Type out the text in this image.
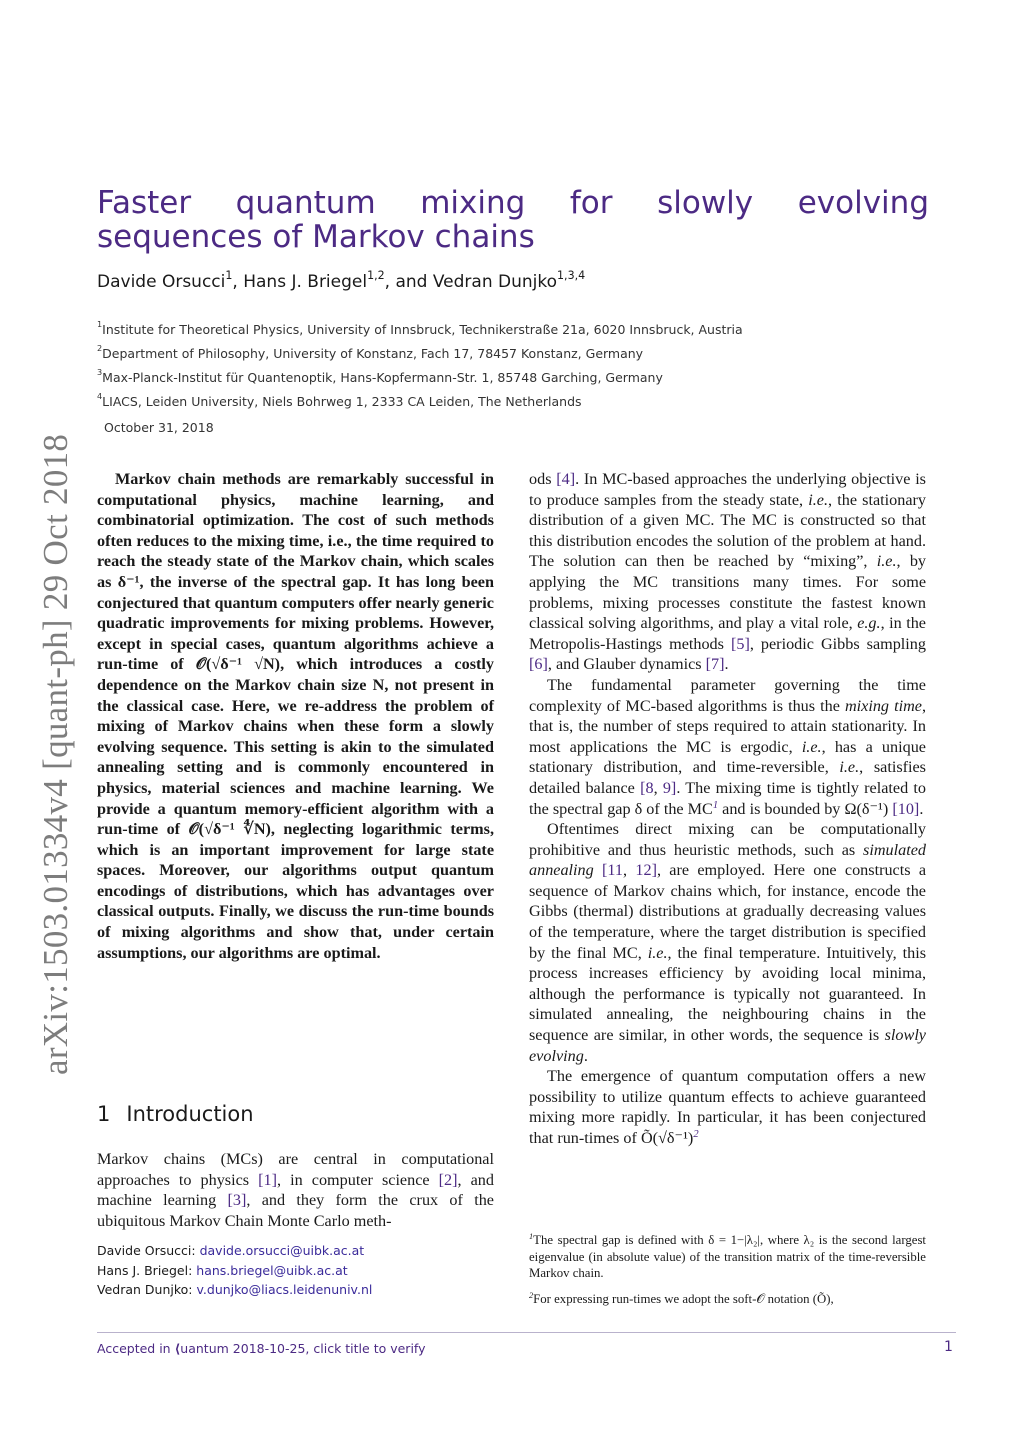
arXiv:1503.01334v4 [quant-ph] 29 Oct 2018
Faster quantum mixing for slowly evolving sequences of Markov chains
Davide Orsucci$^1$, Hans J. Briegel$^{1,2}$, and Vedran Dunjko$^{1,3,4}$
$^1$Institute for Theoretical Physics, University of Innsbruck, Technikerstraße 21a, 6020 Innsbruck, Austria
$^2$Department of Philosophy, University of Konstanz, Fach 17, 78457 Konstanz, Germany
$^3$Max-Planck-Institut für Quantenoptik, Hans-Kopfermann-Str. 1, 85748 Garching, Germany
$^4$LIACS, Leiden University, Niels Bohrweg 1, 2333 CA Leiden, The Netherlands
October 31, 2018

Markov chain methods are remarkably successful in computational physics, machine learning, and combinatorial optimization. The cost of such methods often reduces to the mixing time, i.e., the time required to reach the steady state of the Markov chain, which scales as δ⁻¹, the inverse of the spectral gap. It has long been conjectured that quantum computers offer nearly generic quadratic improvements for mixing problems. However, except in special cases, quantum algorithms achieve a run-time of 𝒪(√δ⁻¹ √N), which introduces a costly dependence on the Markov chain size N, not present in the classical case. Here, we re-address the problem of mixing of Markov chains when these form a slowly evolving sequence. This setting is akin to the simulated annealing setting and is commonly encountered in physics, material sciences and machine learning. We provide a quantum memory-efficient algorithm with a run-time of 𝒪(√δ⁻¹ ∜N), neglecting logarithmic terms, which is an important improvement for large state spaces. Moreover, our algorithms output quantum encodings of distributions, which has advantages over classical outputs. Finally, we discuss the run-time bounds of mixing algorithms and show that, under certain assumptions, our algorithms are optimal.

1 Introduction

Markov chains (MCs) are central in computational approaches to physics [1], in computer science [2], and machine learning [3], and they form the crux of the ubiquitous Markov Chain Monte Carlo meth-

Davide Orsucci: davide.orsucci@uibk.ac.at
Hans J. Briegel: hans.briegel@uibk.ac.at
Vedran Dunjko: v.dunjko@liacs.leidenuniv.nl

ods [4]. In MC-based approaches the underlying objective is to produce samples from the steady state, i.e., the stationary distribution of a given MC. The MC is constructed so that this distribution encodes the solution of the problem at hand. The solution can then be reached by “mixing”, i.e., by applying the MC transitions many times. For some problems, mixing processes constitute the fastest known classical solving algorithms, and play a vital role, e.g., in the Metropolis-Hastings methods [5], periodic Gibbs sampling [6], and Glauber dynamics [7].

The fundamental parameter governing the time complexity of MC-based algorithms is thus the mixing time, that is, the number of steps required to attain stationarity. In most applications the MC is ergodic, i.e., has a unique stationary distribution, and time-reversible, i.e., satisfies detailed balance [8, 9]. The mixing time is tightly related to the spectral gap δ of the MC$^1$ and is bounded by Ω(δ⁻¹) [10].

Oftentimes direct mixing can be computationally prohibitive and thus heuristic methods, such as simulated annealing [11, 12], are employed. Here one constructs a sequence of Markov chains which, for instance, encode the Gibbs (thermal) distributions at gradually decreasing values of the temperature, where the target distribution is specified by the final MC, i.e., the final temperature. Intuitively, this process increases efficiency by avoiding local minima, although the performance is typically not guaranteed. In simulated annealing, the neighbouring chains in the sequence are similar, in other words, the sequence is slowly evolving.

The emergence of quantum computation offers a new possibility to utilize quantum effects to achieve guaranteed mixing more rapidly. In particular, it has been conjectured that run-times of Õ(√δ⁻¹)$^2$

$^1$The spectral gap is defined with δ = 1−|λ₂|, where λ₂ is the second largest eigenvalue (in absolute value) of the transition matrix of the time-reversible Markov chain.

$^2$For expressing run-times we adopt the soft-𝒪 notation (Õ),

Accepted in ⟨uantum 2018-10-25, click title to verify	1
